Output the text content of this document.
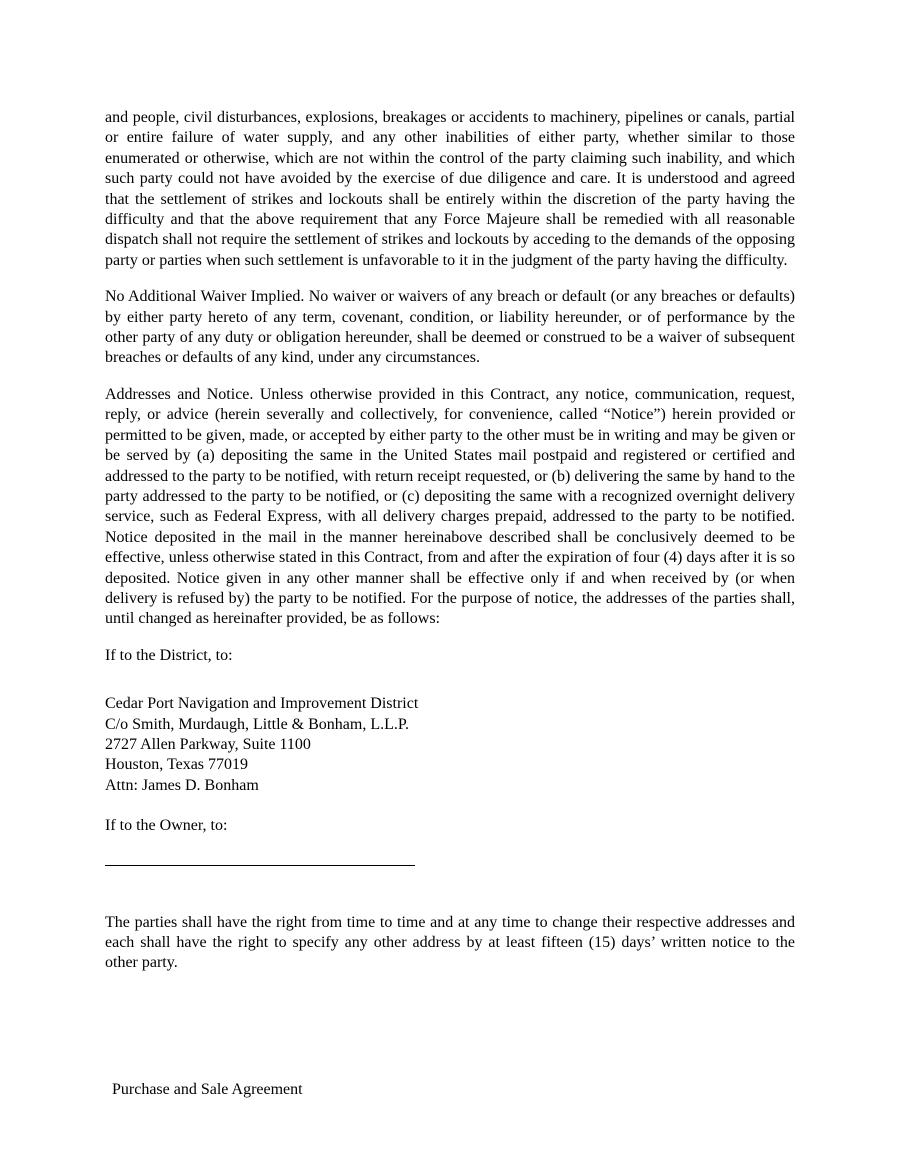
and people, civil disturbances, explosions, breakages or accidents to machinery, pipelines or canals, partial or entire failure of water supply, and any other inabilities of either party, whether similar to those enumerated or otherwise, which are not within the control of the party claiming such inability, and which such party could not have avoided by the exercise of due diligence and care. It is understood and agreed that the settlement of strikes and lockouts shall be entirely within the discretion of the party having the difficulty and that the above requirement that any Force Majeure shall be remedied with all reasonable dispatch shall not require the settlement of strikes and lockouts by acceding to the demands of the opposing party or parties when such settlement is unfavorable to it in the judgment of the party having the difficulty.

No Additional Waiver Implied. No waiver or waivers of any breach or default (or any breaches or defaults) by either party hereto of any term, covenant, condition, or liability hereunder, or of performance by the other party of any duty or obligation hereunder, shall be deemed or construed to be a waiver of subsequent breaches or defaults of any kind, under any circumstances.

Addresses and Notice. Unless otherwise provided in this Contract, any notice, communication, request, reply, or advice (herein severally and collectively, for convenience, called “Notice”) herein provided or permitted to be given, made, or accepted by either party to the other must be in writing and may be given or be served by (a) depositing the same in the United States mail postpaid and registered or certified and addressed to the party to be notified, with return receipt requested, or (b) delivering the same by hand to the party addressed to the party to be notified, or (c) depositing the same with a recognized overnight delivery service, such as Federal Express, with all delivery charges prepaid, addressed to the party to be notified. Notice deposited in the mail in the manner hereinabove described shall be conclusively deemed to be effective, unless otherwise stated in this Contract, from and after the expiration of four (4) days after it is so deposited. Notice given in any other manner shall be effective only if and when received by (or when delivery is refused by) the party to be notified. For the purpose of notice, the addresses of the parties shall, until changed as hereinafter provided, be as follows:

If to the District, to:

Cedar Port Navigation and Improvement District
C/o Smith, Murdaugh, Little & Bonham, L.L.P.
2727 Allen Parkway, Suite 1100
Houston, Texas 77019
Attn: James D. Bonham

If to the Owner, to:

The parties shall have the right from time to time and at any time to change their respective addresses and each shall have the right to specify any other address by at least fifteen (15) days’ written notice to the other party.

Purchase and Sale Agreement
